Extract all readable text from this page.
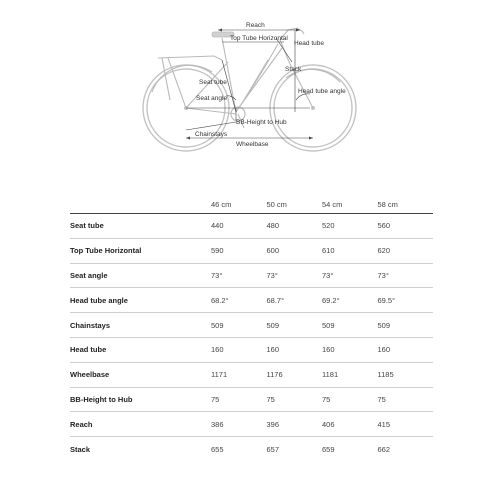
Reach
Top Tube Horizontal
Head tube
Stack
Seat tube
Seat angle
Head tube angle
BB-Height to Hub
Chainstays
Wheelbase
	46 cm	50 cm	54 cm	58 cm
Seat tube	440	480	520	560
Top Tube Horizontal	590	600	610	620
Seat angle	73°	73°	73°	73°
Head tube angle	68.2°	68.7°	69.2°	69.5°
Chainstays	509	509	509	509
Head tube	160	160	160	160
Wheelbase	1171	1176	1181	1185
BB-Height to Hub	75	75	75	75
Reach	386	396	406	415
Stack	655	657	659	662
